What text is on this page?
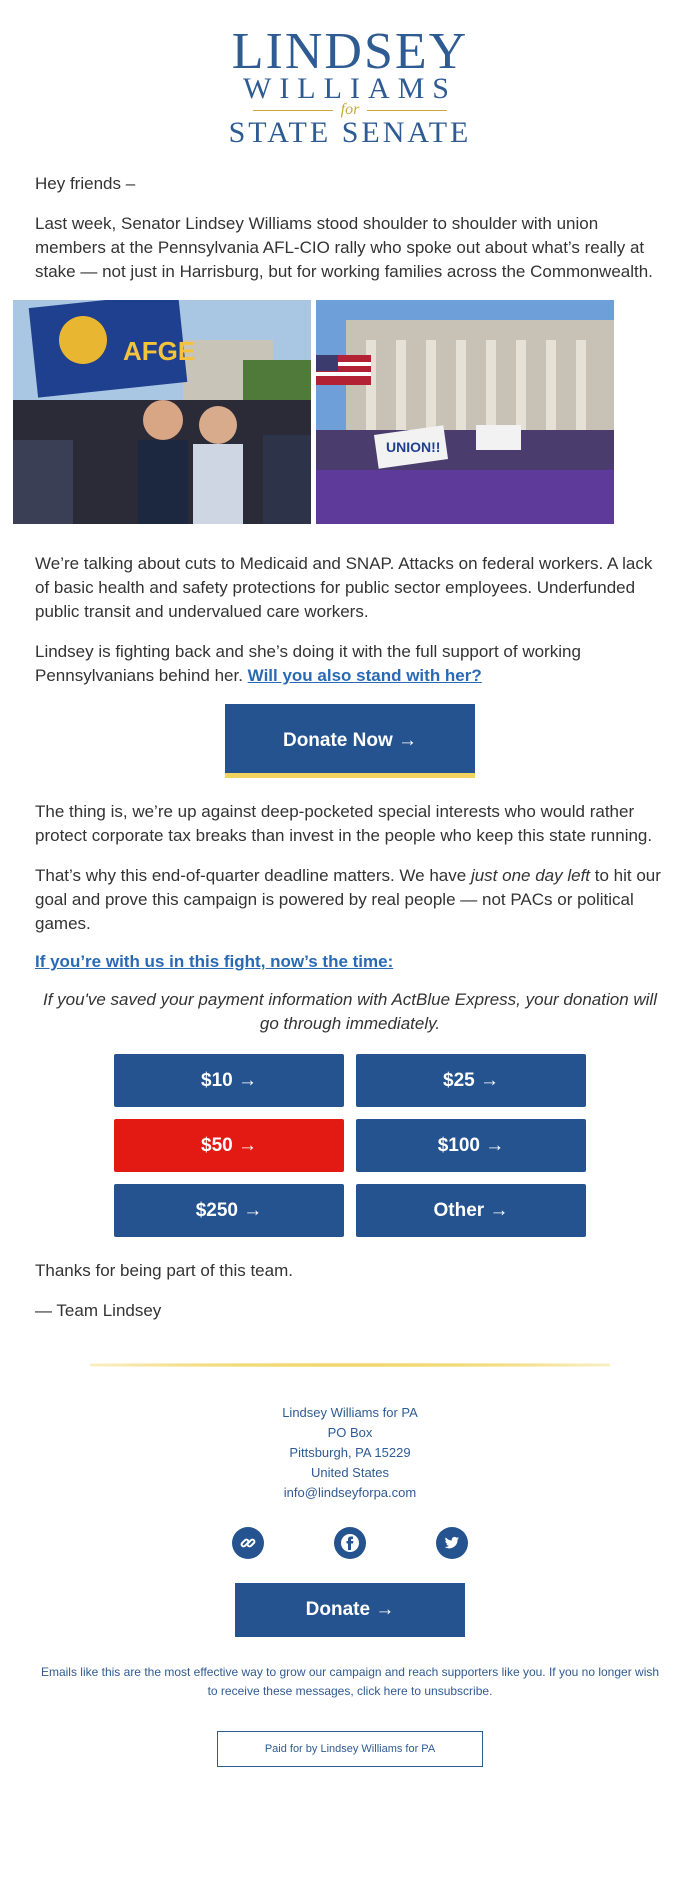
LINDSEY
WILLIAMS
for
STATE SENATE

Hey friends –

Last week, Senator Lindsey Williams stood shoulder to shoulder with union members at the Pennsylvania AFL-CIO rally who spoke out about what’s really at stake — not just in Harrisburg, but for working families across the Commonwealth.

AFGE
UNION!!

We’re talking about cuts to Medicaid and SNAP. Attacks on federal workers. A lack of basic health and safety protections for public sector employees. Underfunded public transit and undervalued care workers.

Lindsey is fighting back and she’s doing it with the full support of working Pennsylvanians behind her. Will you also stand with her?

Donate Now →

The thing is, we’re up against deep-pocketed special interests who would rather protect corporate tax breaks than invest in the people who keep this state running.

That’s why this end-of-quarter deadline matters. We have just one day left to hit our goal and prove this campaign is powered by real people — not PACs or political games.

If you’re with us in this fight, now’s the time:

If you've saved your payment information with ActBlue Express, your donation will go through immediately.

$10 →	$25 →
$50 →	$100 →
$250 →	Other →

Thanks for being part of this team.

— Team Lindsey

Lindsey Williams for PA
PO Box
Pittsburgh, PA 15229
United States
info@lindseyforpa.com
Donate →
Emails like this are the most effective way to grow our campaign and reach supporters like you. If you no longer wish to receive these messages, click here to unsubscribe.
Paid for by Lindsey Williams for PA
